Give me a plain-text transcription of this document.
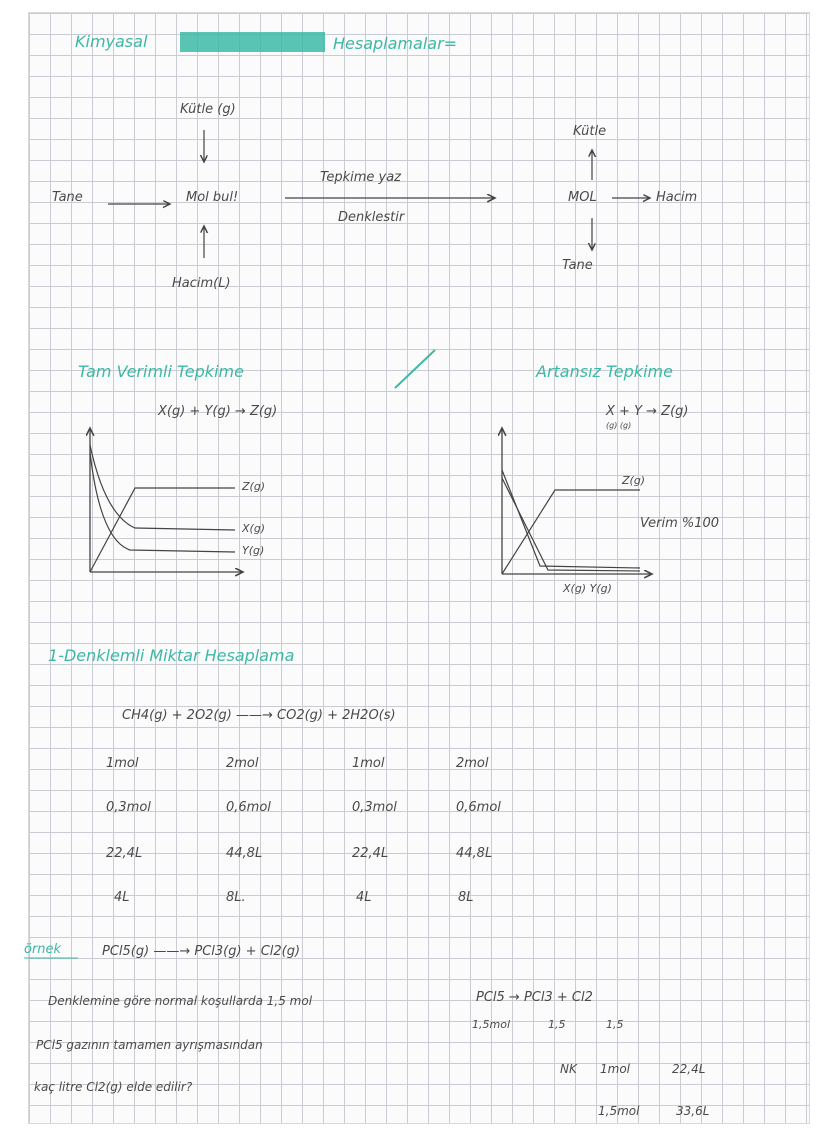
Kimyasal	Hesaplamalar=
Kütle (g)
Tane	Mol bul!
Hacim(L)
Tepkime yaz
Denklestir
Kütle
MOL	Hacim
Tane
Tam Verimli Tepkime
X(g) + Y(g) → Z(g)
Z(g)
X(g)
Y(g)
Artansız Tepkime
X + Y → Z(g)
(g) (g)
Z(g)
Verim %100
X(g) Y(g)
1-Denklemli Miktar Hesaplama
CH4(g) + 2O2(g) ——→ CO2(g) + 2H2O(s)
1mol	2mol	1mol	2mol
0,3mol	0,6mol	0,3mol	0,6mol
22,4L	44,8L	22,4L	44,8L
4L	8L.	4L	8L
örnek	PCl5(g) ——→ PCl3(g) + Cl2(g)
Denklemine göre normal koşullarda 1,5 mol
PCl5 gazının tamamen ayrışmasından
kaç litre Cl2(g) elde edilir?
PCl5 → PCl3 + Cl2
1,5mol	1,5	1,5
NK 1mol	22,4L
1,5mol	33,6L
